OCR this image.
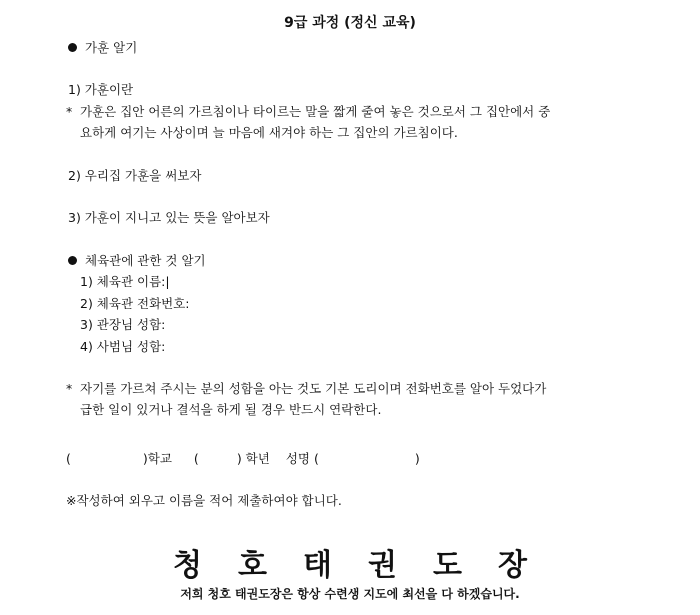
9급 과정 (정신 교육)
가훈 알기
1) 가훈이란
* 가훈은 집안 어른의 가르침이나 타이르는 말을 짧게 줄여 놓은 것으로서 그 집안에서 중
요하게 여기는 사상이며 늘 마음에 새겨야 하는 그 집안의 가르침이다.
2) 우리집 가훈을 써보자
3) 가훈이 지니고 있는 뜻을 알아보자
체육관에 관한 것 알기
1) 체육관 이름:|
2) 체육관 전화번호:
3) 관장님 성함:
4) 사범님 성함:
* 자기를 가르쳐 주시는 분의 성함을 아는 것도 기본 도리이며 전화번호를 알아 두었다가
급한 일이 있거나 결석을 하게 될 경우 반드시 연락한다.
(	)학교 (	) 학년 성명 (	)
※작성하여 외우고 이름을 적어 제출하여야 합니다.
청호태권도장
저희 청호 태권도장은 항상 수련생 지도에 최선을 다 하겠습니다.
